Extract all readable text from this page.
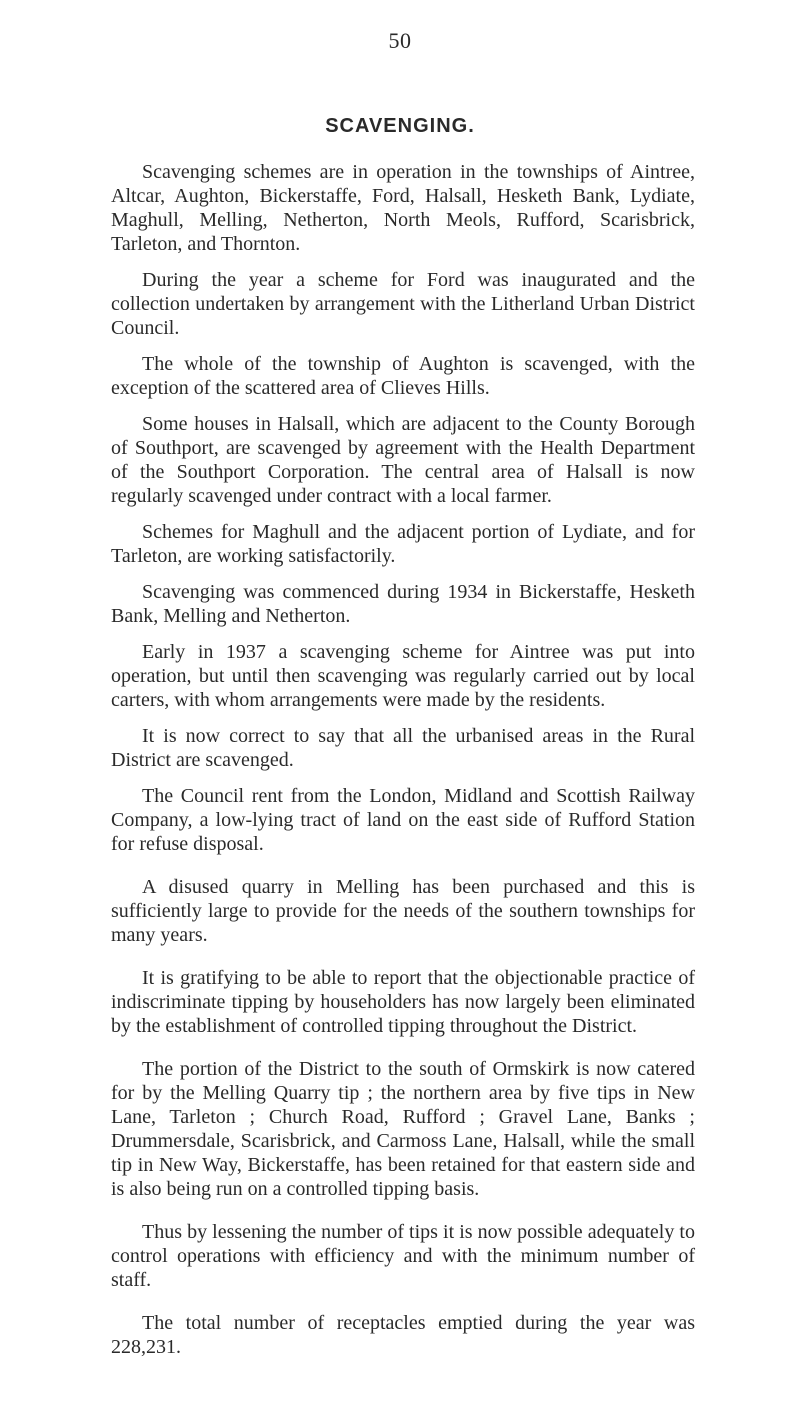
50
SCAVENGING.

Scavenging schemes are in operation in the townships of Aintree, Altcar, Aughton, Bickerstaffe, Ford, Halsall, Hesketh Bank, Lydiate, Maghull, Melling, Netherton, North Meols, Rufford, Scarisbrick, Tarleton, and Thornton.

During the year a scheme for Ford was inaugurated and the collection undertaken by arrangement with the Litherland Urban District Council.

The whole of the township of Aughton is scavenged, with the exception of the scattered area of Clieves Hills.

Some houses in Halsall, which are adjacent to the County Borough of Southport, are scavenged by agreement with the Health Department of the Southport Corporation. The central area of Halsall is now regularly scavenged under contract with a local farmer.

Schemes for Maghull and the adjacent portion of Lydiate, and for Tarleton, are working satisfactorily.

Scavenging was commenced during 1934 in Bickerstaffe, Hesketh Bank, Melling and Netherton.

Early in 1937 a scavenging scheme for Aintree was put into operation, but until then scavenging was regularly carried out by local carters, with whom arrangements were made by the residents.

It is now correct to say that all the urbanised areas in the Rural District are scavenged.

The Council rent from the London, Midland and Scottish Railway Company, a low-lying tract of land on the east side of Rufford Station for refuse disposal.

A disused quarry in Melling has been purchased and this is sufficiently large to provide for the needs of the southern townships for many years.

It is gratifying to be able to report that the objectionable practice of indiscriminate tipping by householders has now largely been eliminated by the establishment of controlled tipping throughout the District.

The portion of the District to the south of Ormskirk is now catered for by the Melling Quarry tip ; the northern area by five tips in New Lane, Tarleton ; Church Road, Rufford ; Gravel Lane, Banks ; Drummersdale, Scarisbrick, and Carmoss Lane, Halsall, while the small tip in New Way, Bickerstaffe, has been retained for that eastern side and is also being run on a controlled tipping basis.

Thus by lessening the number of tips it is now possible adequately to control operations with efficiency and with the minimum number of staff.

The total number of receptacles emptied during the year was 228,231.
